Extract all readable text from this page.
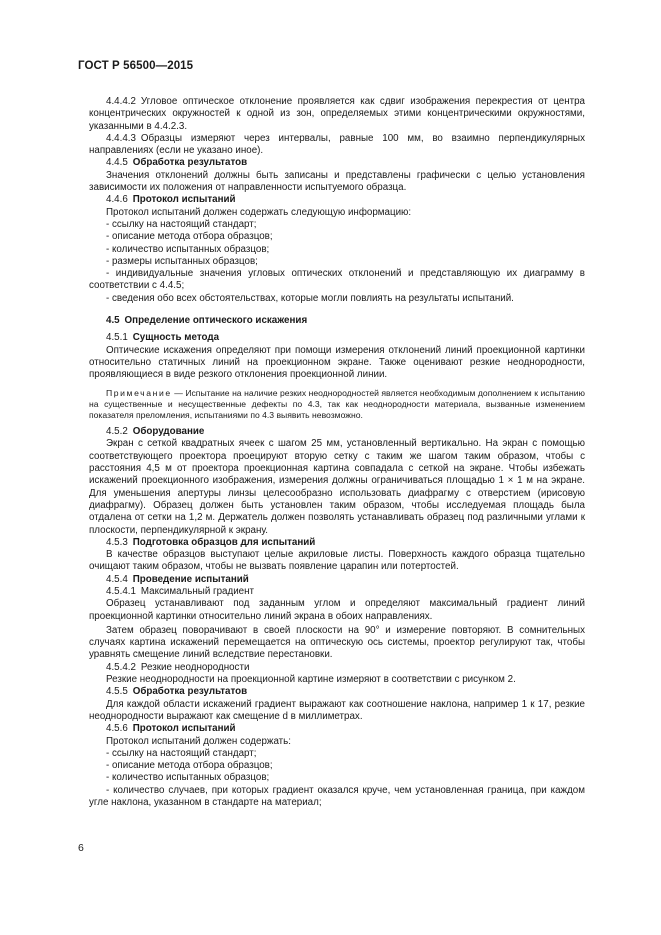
ГОСТ Р 56500—2015

4.4.4.2  Угловое оптическое отклонение проявляется как сдвиг изображения перекрестия от центра концентрических окружностей к одной из зон, определяемых этими концентрическими окружностями, указанными в 4.4.2.3.

4.4.4.3  Образцы измеряют через интервалы, равные 100 мм, во взаимно перпендикулярных направлениях (если не указано иное).

4.4.5  Обработка результатов

Значения отклонений должны быть записаны и представлены графически с целью установления зависимости их положения от направленности испытуемого образца.

4.4.6  Протокол испытаний

Протокол испытаний должен содержать следующую информацию:

- ссылку на настоящий стандарт;

- описание метода отбора образцов;

- количество испытанных образцов;

- размеры испытанных образцов;

- индивидуальные значения угловых оптических отклонений и представляющую их диаграмму в соответствии с 4.4.5;

- сведения обо всех обстоятельствах, которые могли повлиять на результаты испытаний.

4.5  Определение оптического искажения

4.5.1  Сущность метода

Оптические искажения определяют при помощи измерения отклонений линий проекционной картинки относительно статичных линий на проекционном экране. Также оценивают резкие неоднородности, проявляющиеся в виде резкого отклонения проекционной линии.

Примечание — Испытание на наличие резких неоднородностей является необходимым дополнением к испытанию на существенные и несущественные дефекты по 4.3, так как неоднородности материала, вызванные изменением показателя преломления, испытаниями по 4.3 выявить невозможно.

4.5.2  Оборудование

Экран с сеткой квадратных ячеек с шагом 25 мм, установленный вертикально. На экран с помощью соответствующего проектора проецируют вторую сетку с таким же шагом таким образом, чтобы с расстояния 4,5 м от проектора проекционная картина совпадала с сеткой на экране. Чтобы избежать искажений проекционного изображения, измерения должны ограничиваться площадью 1 × 1 м на экране. Для уменьшения апертуры линзы целесообразно использовать диафрагму с отверстием (ирисовую диафрагму). Образец должен быть установлен таким образом, чтобы исследуемая площадь была отдалена от сетки на 1,2 м. Держатель должен позволять устанавливать образец под различными углами к плоскости, перпендикулярной к экрану.

4.5.3  Подготовка образцов для испытаний

В качестве образцов выступают целые акриловые листы. Поверхность каждого образца тщательно очищают таким образом, чтобы не вызвать появление царапин или потертостей.

4.5.4  Проведение испытаний

4.5.4.1  Максимальный градиент

Образец устанавливают под заданным углом и определяют максимальный градиент линий проекционной картинки относительно линий экрана в обоих направлениях.

Затем образец поворачивают в своей плоскости на 90° и измерение повторяют. В сомнительных случаях картина искажений перемещается на оптическую ось системы, проектор регулируют так, чтобы уравнять смещение линий вследствие перестановки.

4.5.4.2  Резкие неоднородности

Резкие неоднородности на проекционной картине измеряют в соответствии с рисунком 2.

4.5.5  Обработка результатов

Для каждой области искажений градиент выражают как соотношение наклона, например 1 к 17, резкие неоднородности выражают как смещение d в миллиметрах.

4.5.6  Протокол испытаний

Протокол испытаний должен содержать:

- ссылку на настоящий стандарт;

- описание метода отбора образцов;

- количество испытанных образцов;

- количество случаев, при которых градиент оказался круче, чем установленная граница, при каждом угле наклона, указанном в стандарте на материал;

6
